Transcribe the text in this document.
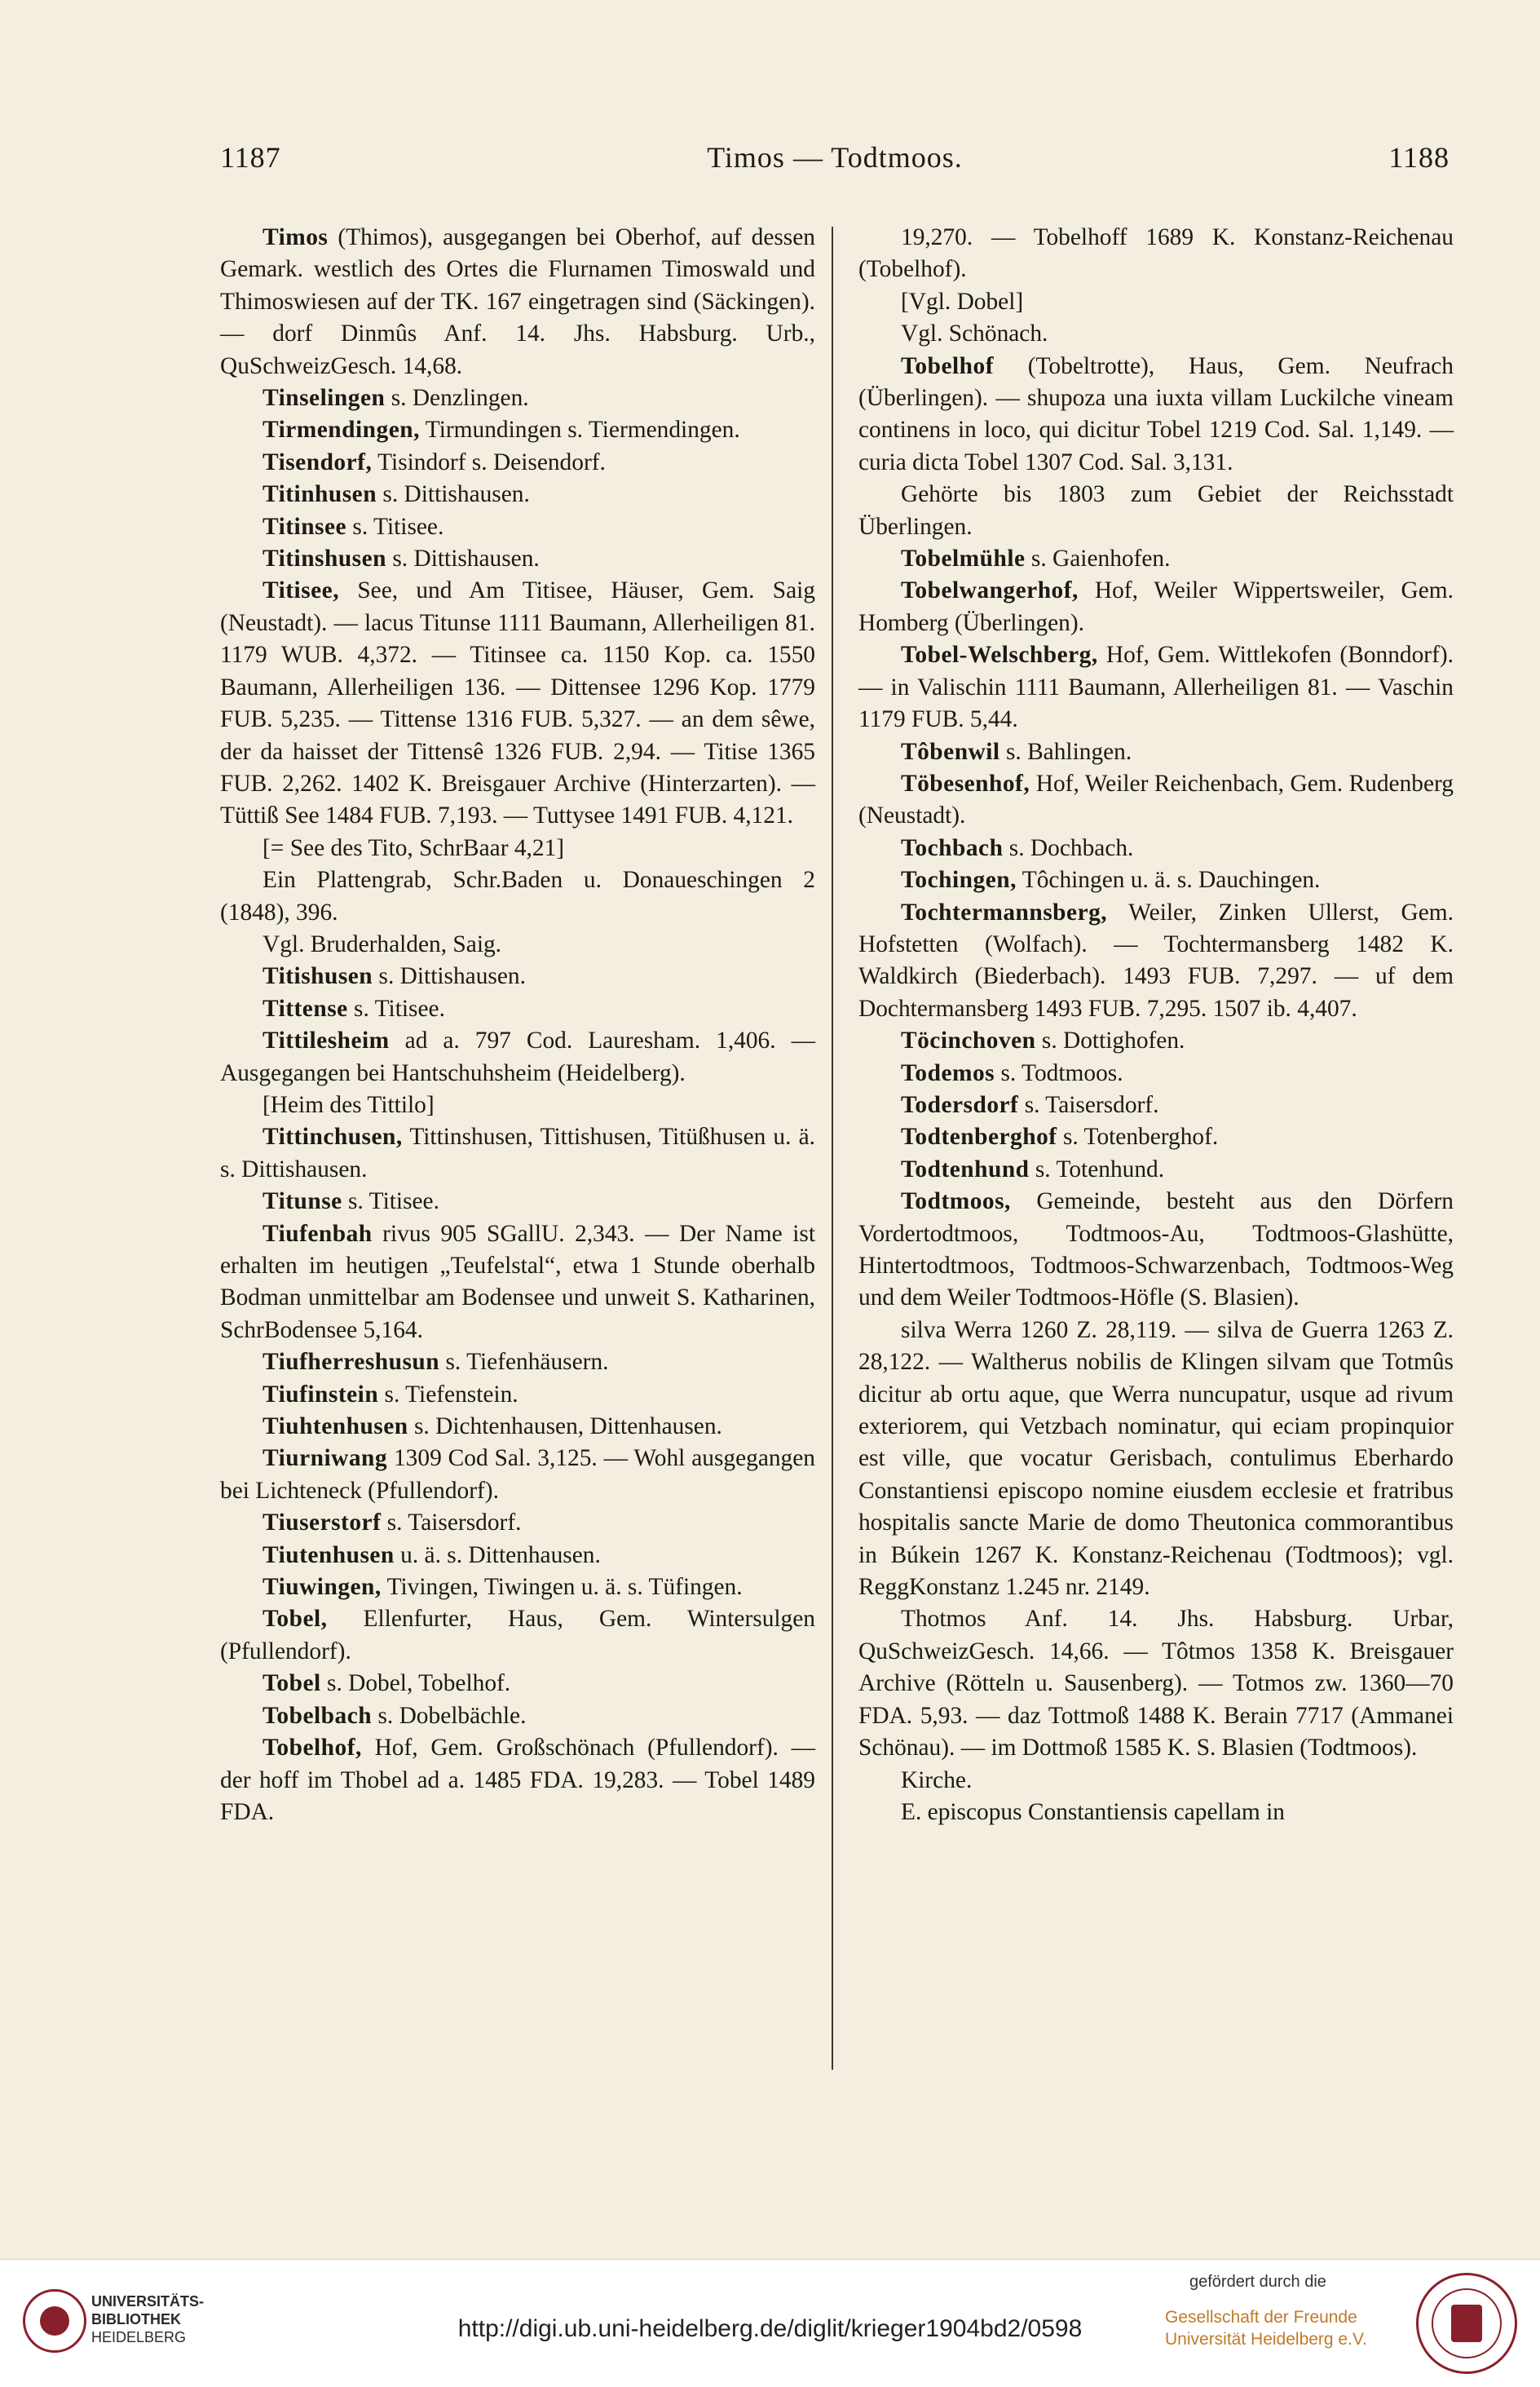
1187	Timos — Todtmoos.	1188

Timos (Thimos), ausgegangen bei Oberhof, auf dessen Gemark. westlich des Ortes die Flurnamen Timoswald und Thimoswiesen auf der TK. 167 eingetragen sind (Säckingen). — dorf Dinmûs Anf. 14. Jhs. Habsburg. Urb., QuSchweizGesch. 14,68.

Tinselingen s. Denzlingen.

Tirmendingen, Tirmundingen s. Tiermendingen.

Tisendorf, Tisindorf s. Deisendorf.

Titinhusen s. Dittishausen.

Titinsee s. Titisee.

Titinshusen s. Dittishausen.

Titisee, See, und Am Titisee, Häuser, Gem. Saig (Neustadt). — lacus Titunse 1111 Baumann, Allerheiligen 81. 1179 WUB. 4,372. — Titinsee ca. 1150 Kop. ca. 1550 Baumann, Allerheiligen 136. — Dittensee 1296 Kop. 1779 FUB. 5,235. — Tittense 1316 FUB. 5,327. — an dem sêwe, der da haisset der Tittensê 1326 FUB. 2,94. — Titise 1365 FUB. 2,262. 1402 K. Breisgauer Archive (Hinterzarten). — Tüttiß See 1484 FUB. 7,193. — Tuttysee 1491 FUB. 4,121.

[= See des Tito, SchrBaar 4,21]

Ein Plattengrab, Schr.Baden u. Donaueschingen 2 (1848), 396.

Vgl. Bruderhalden, Saig.

Titishusen s. Dittishausen.

Tittense s. Titisee.

Tittilesheim ad a. 797 Cod. Lauresham. 1,406. — Ausgegangen bei Hantschuhsheim (Heidelberg).

[Heim des Tittilo]

Tittinchusen, Tittinshusen, Tittishusen, Titüßhusen u. ä. s. Dittishausen.

Titunse s. Titisee.

Tiufenbah rivus 905 SGallU. 2,343. — Der Name ist erhalten im heutigen „Teufelstal“, etwa 1 Stunde oberhalb Bodman unmittelbar am Bodensee und unweit S. Katharinen, SchrBodensee 5,164.

Tiufherreshusun s. Tiefenhäusern.

Tiufinstein s. Tiefenstein.

Tiuhtenhusen s. Dichtenhausen, Dittenhausen.

Tiurniwang 1309 Cod Sal. 3,125. — Wohl ausgegangen bei Lichteneck (Pfullendorf).

Tiuserstorf s. Taisersdorf.

Tiutenhusen u. ä. s. Dittenhausen.

Tiuwingen, Tivingen, Tiwingen u. ä. s. Tüfingen.

Tobel, Ellenfurter, Haus, Gem. Wintersulgen (Pfullendorf).

Tobel s. Dobel, Tobelhof.

Tobelbach s. Dobelbächle.

Tobelhof, Hof, Gem. Großschönach (Pfullendorf). — der hoff im Thobel ad a. 1485 FDA. 19,283. — Tobel 1489 FDA.

19,270. — Tobelhoff 1689 K. Konstanz-Reichenau (Tobelhof).

[Vgl. Dobel]

Vgl. Schönach.

Tobelhof (Tobeltrotte), Haus, Gem. Neufrach (Überlingen). — shupoza una iuxta villam Luckilche vineam continens in loco, qui dicitur Tobel 1219 Cod. Sal. 1,149. — curia dicta Tobel 1307 Cod. Sal. 3,131.

Gehörte bis 1803 zum Gebiet der Reichsstadt Überlingen.

Tobelmühle s. Gaienhofen.

Tobelwangerhof, Hof, Weiler Wippertsweiler, Gem. Homberg (Überlingen).

Tobel-Welschberg, Hof, Gem. Wittlekofen (Bonndorf). — in Valischin 1111 Baumann, Allerheiligen 81. — Vaschin 1179 FUB. 5,44.

Tôbenwil s. Bahlingen.

Töbesenhof, Hof, Weiler Reichenbach, Gem. Rudenberg (Neustadt).

Tochbach s. Dochbach.

Tochingen, Tôchingen u. ä. s. Dauchingen.

Tochtermannsberg, Weiler, Zinken Ullerst, Gem. Hofstetten (Wolfach). — Tochtermansberg 1482 K. Waldkirch (Biederbach). 1493 FUB. 7,297. — uf dem Dochtermansberg 1493 FUB. 7,295. 1507 ib. 4,407.

Töcinchoven s. Dottighofen.

Todemos s. Todtmoos.

Todersdorf s. Taisersdorf.

Todtenberghof s. Totenberghof.

Todtenhund s. Totenhund.

Todtmoos, Gemeinde, besteht aus den Dörfern Vordertodtmoos, Todtmoos-Au, Todtmoos-Glashütte, Hintertodtmoos, Todtmoos-Schwarzenbach, Todtmoos-Weg und dem Weiler Todtmoos-Höfle (S. Blasien).

silva Werra 1260 Z. 28,119. — silva de Guerra 1263 Z. 28,122. — Waltherus nobilis de Klingen silvam que Totmûs dicitur ab ortu aque, que Werra nuncupatur, usque ad rivum exteriorem, qui Vetzbach nominatur, qui eciam propinquior est ville, que vocatur Gerisbach, contulimus Eberhardo Constantiensi episcopo nomine eiusdem ecclesie et fratribus hospitalis sancte Marie de domo Theutonica commorantibus in Búkein 1267 K. Konstanz-Reichenau (Todtmoos); vgl. ReggKonstanz 1.245 nr. 2149.

Thotmos Anf. 14. Jhs. Habsburg. Urbar, QuSchweizGesch. 14,66. — Tôtmos 1358 K. Breisgauer Archive (Rötteln u. Sausenberg). — Totmos zw. 1360—70 FDA. 5,93. — daz Tottmoß 1488 K. Berain 7717 (Ammanei Schönau). — im Dottmoß 1585 K. S. Blasien (Todtmoos).

Kirche.

E. episcopus Constantiensis capellam in

UNIVERSITÄTS-
BIBLIOTHEK
HEIDELBERG	http://digi.ub.uni-heidelberg.de/diglit/krieger1904bd2/0598
gefördert durch die
Gesellschaft der Freunde
Universität Heidelberg e.V.
